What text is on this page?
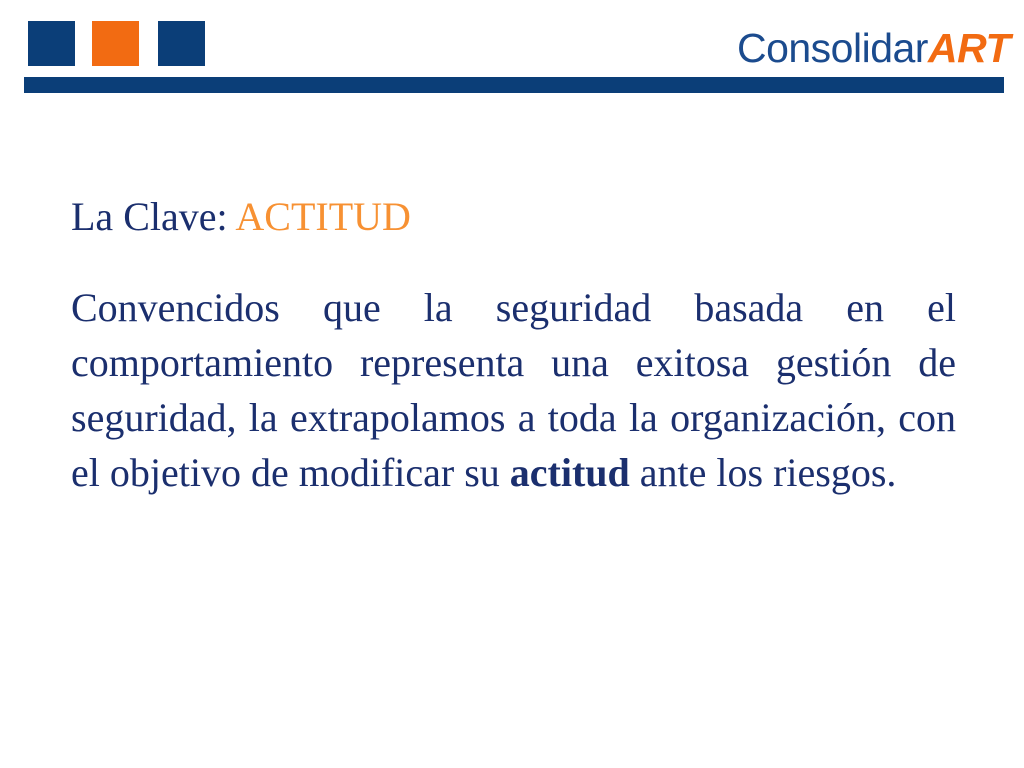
ConsolidarART
La Clave: ACTITUD

Convencidos que la seguridad basada en el comportamiento representa una exitosa gestión de seguridad, la extrapolamos a toda la organización, con el objetivo de modificar su actitud ante los riesgos.
